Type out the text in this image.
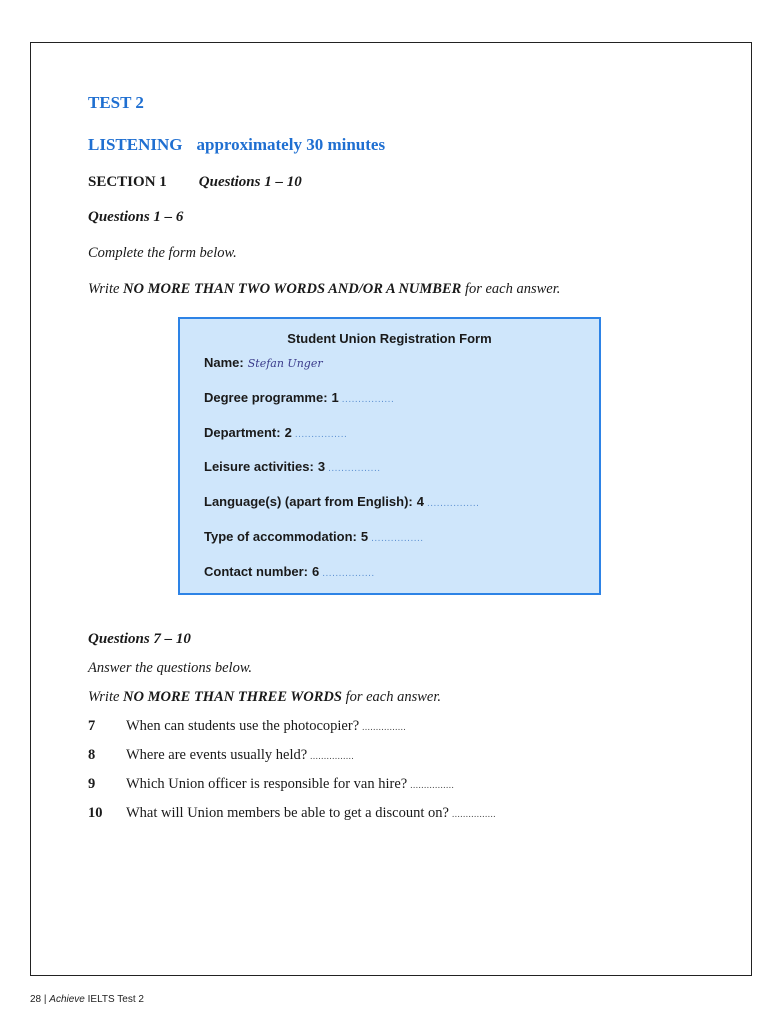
TEST 2
LISTENING approximately 30 minutes
SECTION 1 Questions 1 – 10
Questions 1 – 6
Complete the form below.
Write NO MORE THAN TWO WORDS AND/OR A NUMBER for each answer.
Student Union Registration Form
Name: Stefan Unger
Degree programme: 1 ................
Department: 2 ................
Leisure activities: 3 ................
Language(s) (apart from English): 4 ................
Type of accommodation: 5 ................
Contact number: 6 ................
Questions 7 – 10
Answer the questions below.
Write NO MORE THAN THREE WORDS for each answer.
7 When can students use the photocopier? ................
8 Where are events usually held? ................
9 Which Union officer is responsible for van hire? ................
10 What will Union members be able to get a discount on? ................
28 | Achieve IELTS Test 2
